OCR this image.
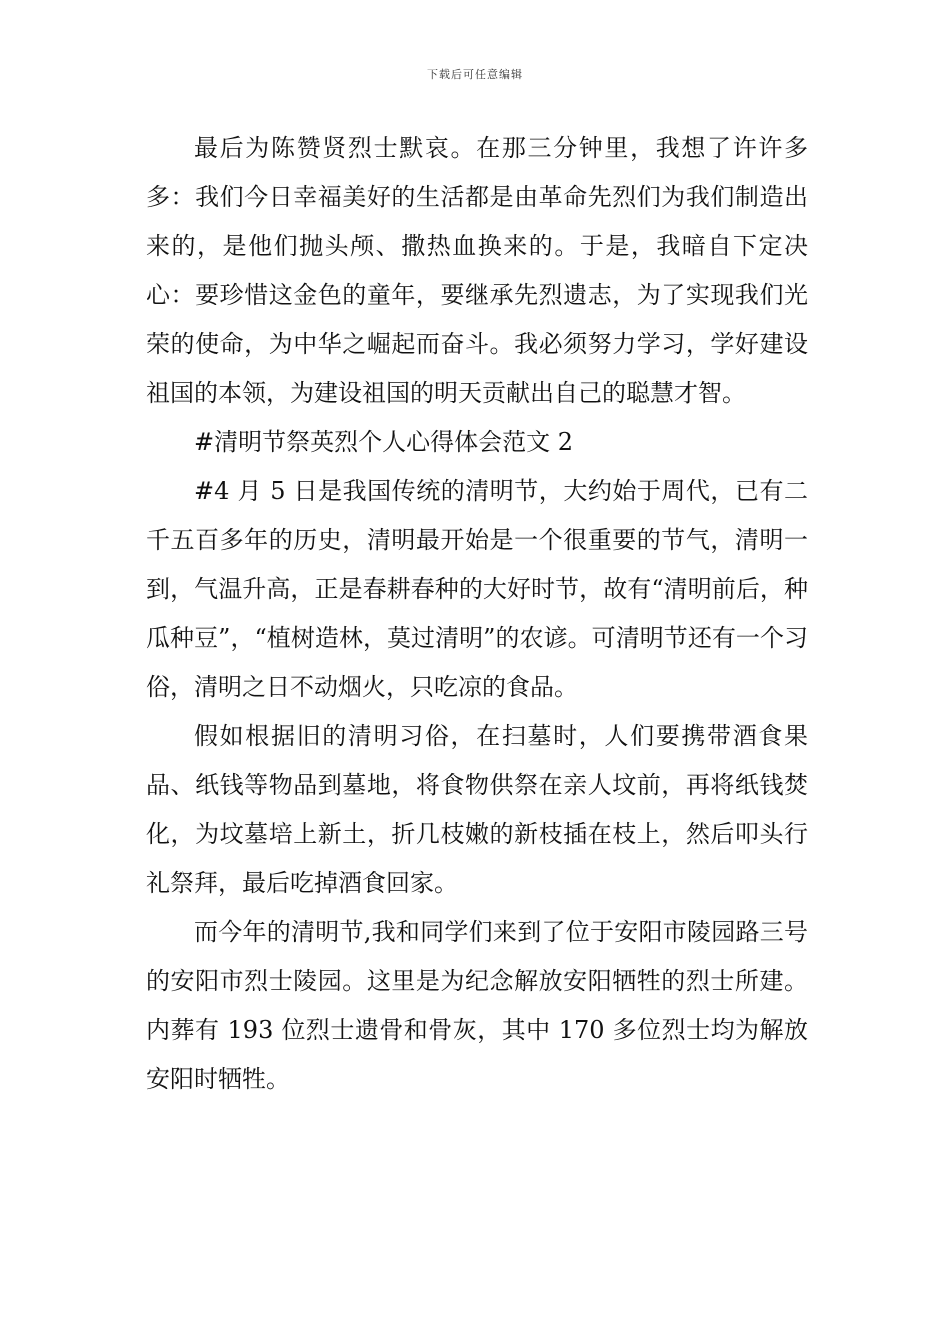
下载后可任意编辑

最后为陈赞贤烈士默哀。在那三分钟里，我想了许许多多：我们今日幸福美好的生活都是由革命先烈们为我们制造出来的，是他们抛头颅、撒热血换来的。于是，我暗自下定决心：要珍惜这金色的童年，要继承先烈遗志，为了实现我们光荣的使命，为中华之崛起而奋斗。我必须努力学习，学好建设祖国的本领，为建设祖国的明天贡献出自己的聪慧才智。

#清明节祭英烈个人心得体会范文 2

#4 月 5 日是我国传统的清明节，大约始于周代，已有二千五百多年的历史，清明最开始是一个很重要的节气，清明一到，气温升高，正是春耕春种的大好时节，故有“清明前后，种瓜种豆”，“植树造林，莫过清明”的农谚。可清明节还有一个习俗，清明之日不动烟火，只吃凉的食品。

假如根据旧的清明习俗，在扫墓时，人们要携带酒食果品、纸钱等物品到墓地，将食物供祭在亲人坟前，再将纸钱焚化，为坟墓培上新土，折几枝嫩的新枝插在枝上，然后叩头行礼祭拜，最后吃掉酒食回家。

而今年的清明节,我和同学们来到了位于安阳市陵园路三号的安阳市烈士陵园。这里是为纪念解放安阳牺牲的烈士所建。内葬有 193 位烈士遗骨和骨灰，其中 170 多位烈士均为解放安阳时牺牲。
